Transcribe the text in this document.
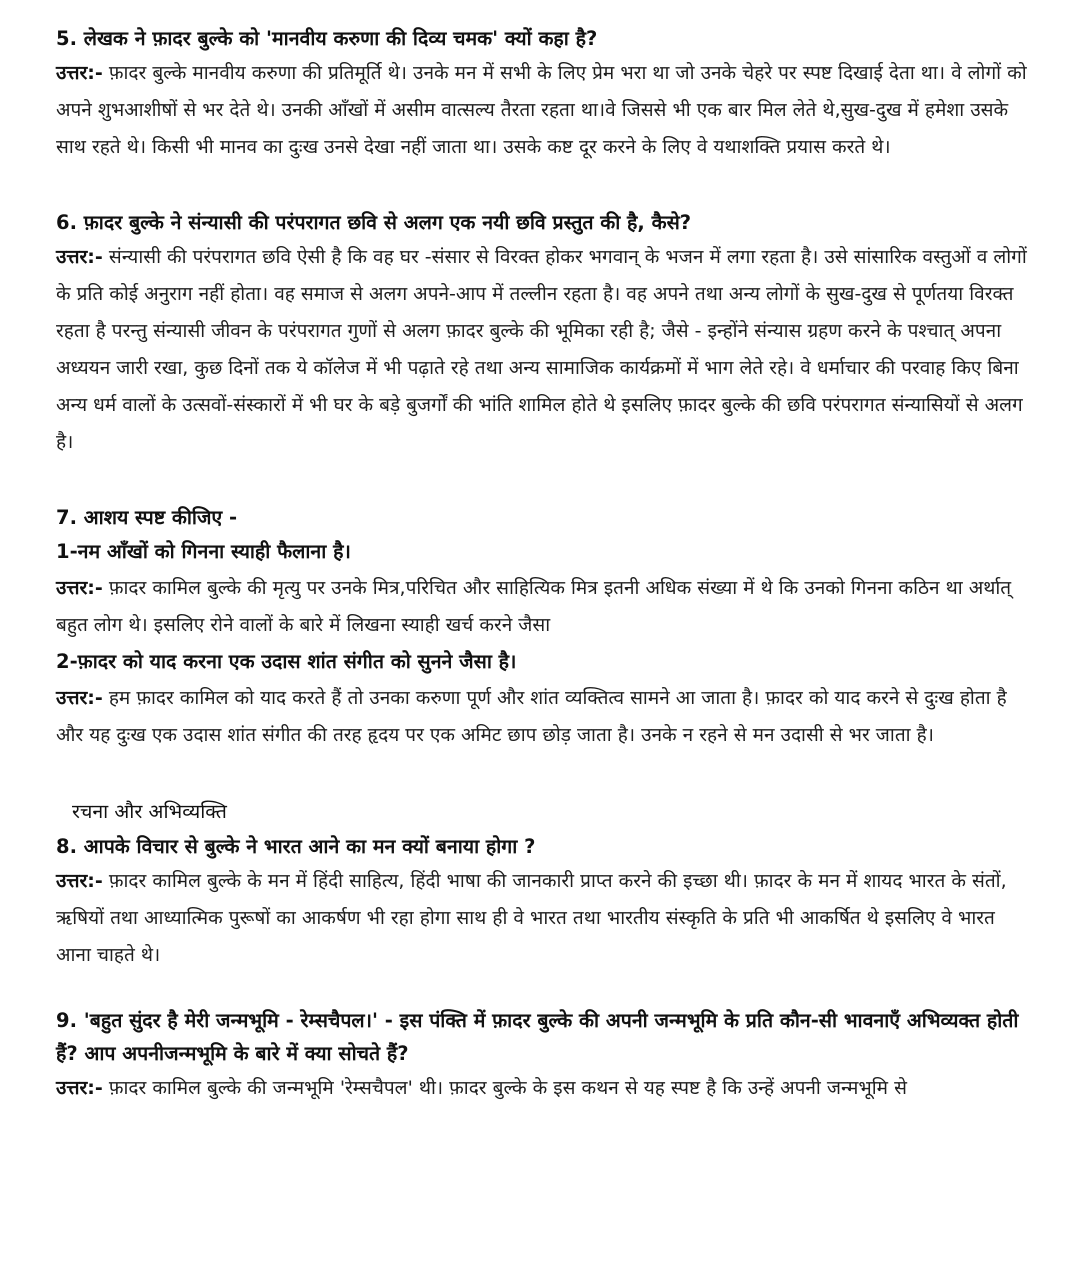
5. लेखक ने फ़ादर बुल्के को 'मानवीय करुणा की दिव्य चमक' क्यों कहा है?

उत्तर:- फ़ादर बुल्के मानवीय करुणा की प्रतिमूर्ति थे। उनके मन में सभी के लिए प्रेम भरा था जो उनके चेहरे पर स्पष्ट दिखाई देता था। वे लोगों को अपने शुभआशीषों से भर देते थे। उनकी आँखों में असीम वात्सल्य तैरता रहता था।वे जिससे भी एक बार मिल लेते थे,सुख-दुख में हमेशा उसके साथ रहते थे। किसी भी मानव का दुःख उनसे देखा नहीं जाता था। उसके कष्ट दूर करने के लिए वे यथाशक्ति प्रयास करते थे।

6. फ़ादर बुल्के ने संन्यासी की परंपरागत छवि से अलग एक नयी छवि प्रस्तुत की है, कैसे?

उत्तर:- संन्यासी की परंपरागत छवि ऐसी है कि वह घर -संसार से विरक्त होकर भगवान् के भजन में लगा रहता है। उसे सांसारिक वस्तुओं व लोगों के प्रति कोई अनुराग नहीं होता। वह समाज से अलग अपने-आप में तल्लीन रहता है। वह अपने तथा अन्य लोगों के सुख-दुख से पूर्णतया विरक्त रहता है परन्तु संन्यासी जीवन के परंपरागत गुणों से अलग फ़ादर बुल्के की भूमिका रही है; जैसे - इन्होंने संन्यास ग्रहण करने के पश्चात् अपना अध्ययन जारी रखा, कुछ दिनों तक ये कॉलेज में भी पढ़ाते रहे तथा अन्य सामाजिक कार्यक्रमों में भाग लेते रहे। वे धर्माचार की परवाह किए बिना अन्य धर्म वालों के उत्सवों-संस्कारों में भी घर के बड़े बुजर्गों की भांति शामिल होते थे इसलिए फ़ादर बुल्के की छवि परंपरागत संन्यासियों से अलग है।

7. आशय स्पष्ट कीजिए -

1-नम आँखों को गिनना स्याही फैलाना है।

उत्तर:- फ़ादर कामिल बुल्के की मृत्यु पर उनके मित्र,परिचित और साहित्यिक मित्र इतनी अधिक संख्या में थे कि उनको गिनना कठिन था अर्थात् बहुत लोग थे। इसलिए रोने वालों के बारे में लिखना स्याही खर्च करने जैसा

2-फ़ादर को याद करना एक उदास शांत संगीत को सुनने जैसा है।

उत्तर:- हम फ़ादर कामिल को याद करते हैं तो उनका करुणा पूर्ण और शांत व्यक्तित्व सामने आ जाता है। फ़ादर को याद करने से दुःख होता है और यह दुःख एक उदास शांत संगीत की तरह हृदय पर एक अमिट छाप छोड़ जाता है। उनके न रहने से मन उदासी से भर जाता है।

रचना और अभिव्यक्ति

8. आपके विचार से बुल्के ने भारत आने का मन क्यों बनाया होगा ?

उत्तर:- फ़ादर कामिल बुल्के के मन में हिंदी साहित्य, हिंदी भाषा की जानकारी प्राप्त करने की इच्छा थी। फ़ादर के मन में शायद भारत के संतों, ऋषियों तथा आध्यात्मिक पुरूषों का आकर्षण भी रहा होगा साथ ही वे भारत तथा भारतीय संस्कृति के प्रति भी आकर्षित थे इसलिए वे भारत आना चाहते थे।

9. 'बहुत सुंदर है मेरी जन्मभूमि - रेम्सचैपल।' - इस पंक्ति में फ़ादर बुल्के की अपनी जन्मभूमि के प्रति कौन-सी भावनाएँ अभिव्यक्त होती हैं? आप अपनीजन्मभूमि के बारे में क्या सोचते हैं?

उत्तर:- फ़ादर कामिल बुल्के की जन्मभूमि 'रेम्सचैपल' थी। फ़ादर बुल्के के इस कथन से यह स्पष्ट है कि उन्हें अपनी जन्मभूमि से
